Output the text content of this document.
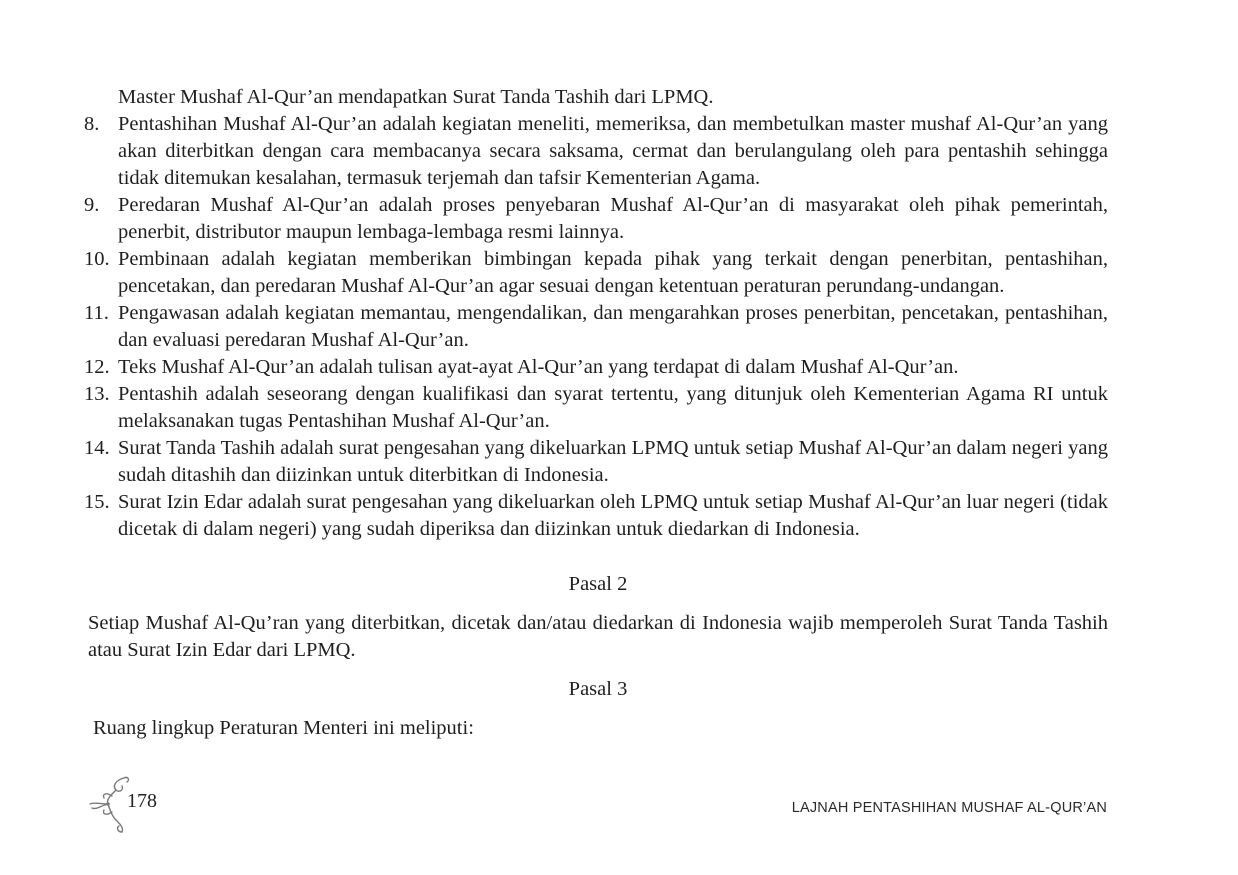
Master Mushaf Al-Qur’an mendapatkan Surat Tanda Tashih dari LPMQ.
8. Pentashihan Mushaf Al-Qur’an adalah kegiatan meneliti, memeriksa, dan membetulkan master mushaf Al-Qur’an yang akan diterbitkan dengan cara membacanya secara saksama, cermat dan berulangulang oleh para pentashih sehingga tidak ditemukan kesalahan, termasuk terjemah dan tafsir Kementerian Agama.
9. Peredaran Mushaf Al-Qur’an adalah proses penyebaran Mushaf Al-Qur’an di masyarakat oleh pihak pemerintah, penerbit, distributor maupun lembaga-lembaga resmi lainnya.
10. Pembinaan adalah kegiatan memberikan bimbingan kepada pihak yang terkait dengan penerbitan, pentashihan, pencetakan, dan peredaran Mushaf Al-Qur’an agar sesuai dengan ketentuan peraturan perundang-undangan.
11. Pengawasan adalah kegiatan memantau, mengendalikan, dan mengarahkan proses penerbitan, pencetakan, pentashihan, dan evaluasi peredaran Mushaf Al-Qur’an.
12. Teks Mushaf Al-Qur’an adalah tulisan ayat-ayat Al-Qur’an yang terdapat di dalam Mushaf Al-Qur’an.
13. Pentashih adalah seseorang dengan kualifikasi dan syarat tertentu, yang ditunjuk oleh Kementerian Agama RI untuk melaksanakan tugas Pentashihan Mushaf Al-Qur’an.
14. Surat Tanda Tashih adalah surat pengesahan yang dikeluarkan LPMQ untuk setiap Mushaf Al-Qur’an dalam negeri yang sudah ditashih dan diizinkan untuk diterbitkan di Indonesia.
15. Surat Izin Edar adalah surat pengesahan yang dikeluarkan oleh LPMQ untuk setiap Mushaf Al-Qur’an luar negeri (tidak dicetak di dalam negeri) yang sudah diperiksa dan diizinkan untuk diedarkan di Indonesia.

Pasal 2

Setiap Mushaf Al-Qu’ran yang diterbitkan, dicetak dan/atau diedarkan di Indonesia wajib memperoleh Surat Tanda Tashih atau Surat Izin Edar dari LPMQ.

Pasal 3

Ruang lingkup Peraturan Menteri ini meliputi:

178	LAJNAH PENTASHIHAN MUSHAF AL-QUR’AN
